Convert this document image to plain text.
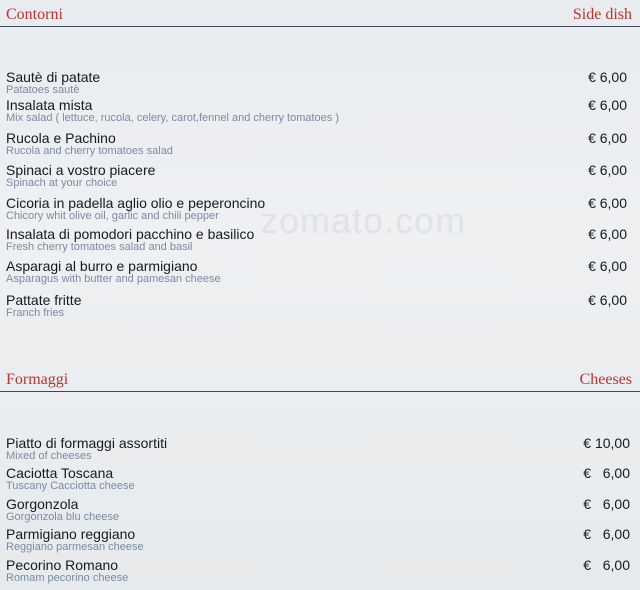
zomato.com
Contorni	Side dish
Sautè di patate
Patatoes sautè
€ 6,00
Insalata mista
Mix salad ( lettuce, rucola, celery, carot,fennel and cherry tomatoes )
€ 6,00
Rucola e Pachino
Rucola and cherry tomatoes salad
€ 6,00
Spinaci a vostro piacere
Spinach at your choice
€ 6,00
Cicoria in padella aglio olio e peperoncino
Chicory whit olive oil, garlic and chili pepper
€ 6,00
Insalata di pomodori pacchino e basilico
Fresh cherry tomatoes salad and basil
€ 6,00
Asparagi al burro e parmigiano
Asparagus with butter and pamesan cheese
€ 6,00
Pattate fritte
Franch fries
€ 6,00
Formaggi	Cheeses
Piatto di formaggi assortiti
Mixed of cheeses
€ 10,00
Caciotta Toscana
Tuscany Cacciotta cheese
€   6,00
Gorgonzola
Gorgonzola blu cheese
€   6,00
Parmigiano reggiano
Reggiano parmesan cheese
€   6,00
Pecorino Romano
Romam pecorino cheese
€   6,00
